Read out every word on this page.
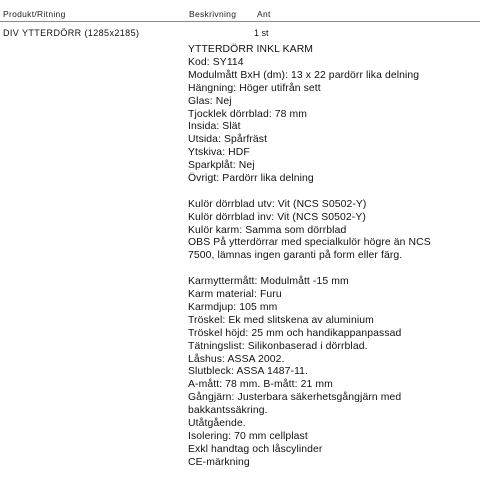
Produkt/Ritning	Beskrivning Ant
DIV YTTERDÖRR (1285x2185)	1 st
YTTERDÖRR INKL KARM
Kod: SY114
Modulmått BxH (dm): 13 x 22 pardörr lika delning
Hängning: Höger utifrån sett
Glas: Nej
Tjocklek dörrblad: 78 mm
Insida: Slät
Utsida: Spårfräst
Ytskiva: HDF
Sparkplåt: Nej
Övrigt: Pardörr lika delning
Kulör dörrblad utv: Vit (NCS S0502-Y)
Kulör dörrblad inv: Vit (NCS S0502-Y)
Kulör karm: Samma som dörrblad
OBS På ytterdörrar med specialkulör högre än NCS
7500, lämnas ingen garanti på form eller färg.
Karmyttermått: Modulmått -15 mm
Karm material: Furu
Karmdjup: 105 mm
Tröskel: Ek med slitskena av aluminium
Tröskel höjd: 25 mm och handikappanpassad
Tätningslist: Silikonbaserad i dörrblad.
Låshus: ASSA 2002.
Slutbleck: ASSA 1487-11.
A-mått: 78 mm. B-mått: 21 mm
Gångjärn: Justerbara säkerhetsgångjärn med
bakkantssäkring.
Utåtgående.
Isolering: 70 mm cellplast
Exkl handtag och låscylinder
CE-märkning
